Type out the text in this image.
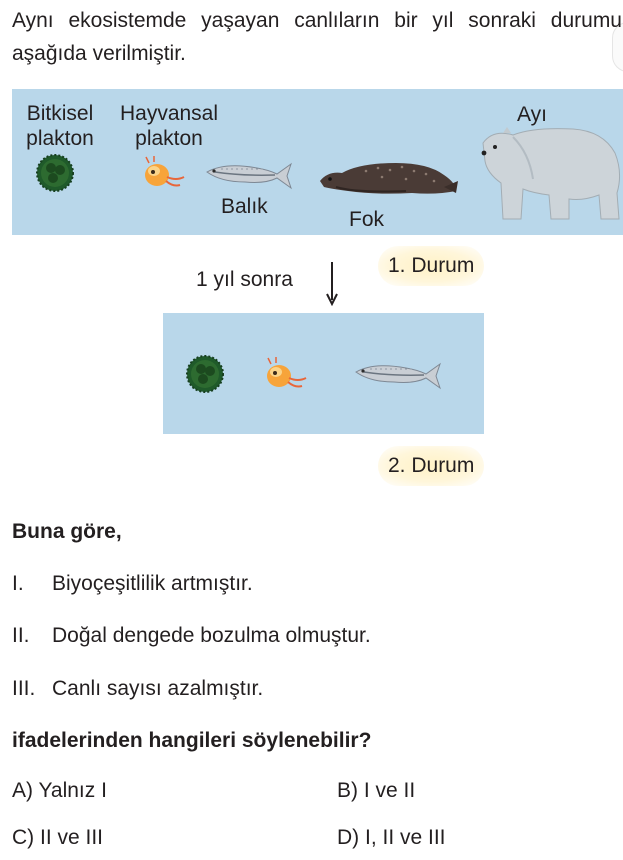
Aynı ekosistemde yaşayan canlıların bir yıl sonraki durumu aşağıda verilmiştir.
Bitkisel
plakton
Hayvansal
plakton
Balık
Fok
Ayı
1 yıl sonra
1. Durum
2. Durum
Buna göre,
I. Biyoçeşitlilik artmıştır.
II. Doğal dengede bozulma olmuştur.
III. Canlı sayısı azalmıştır.
ifadelerinden hangileri söylenebilir?
A) Yalnız I	B) I ve II
C) II ve III	D) I, II ve III
